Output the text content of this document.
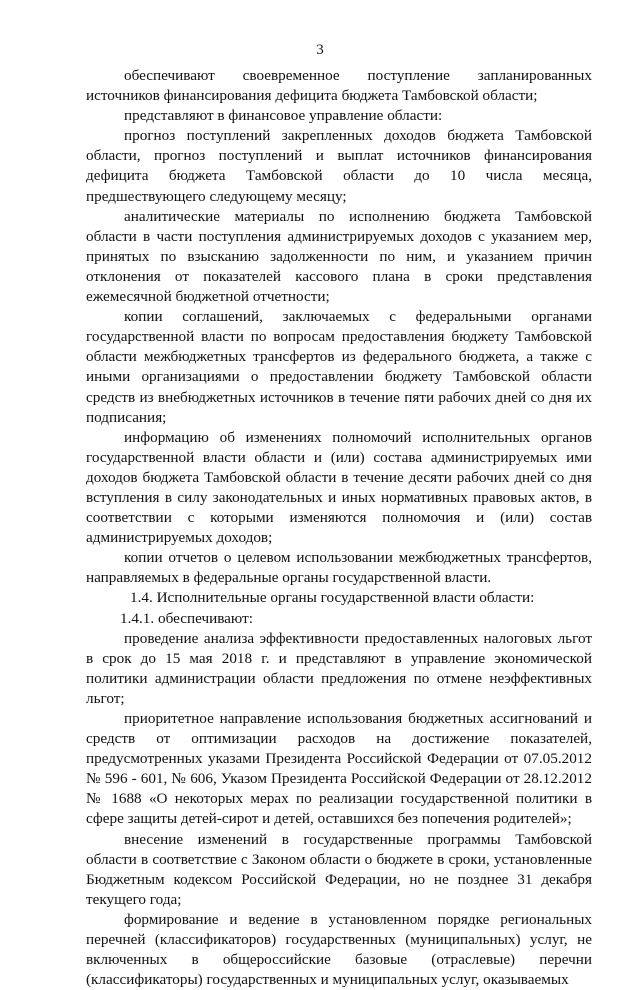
3

обеспечивают своевременное поступление запланированных источников финансирования дефицита бюджета Тамбовской области;

представляют в финансовое управление области:

прогноз поступлений закрепленных доходов бюджета Тамбовской области, прогноз поступлений и выплат источников финансирования дефицита бюджета Тамбовской области до 10 числа месяца, предшествующего следующему месяцу;

аналитические материалы по исполнению бюджета Тамбовской области в части поступления администрируемых доходов с указанием мер, принятых по взысканию задолженности по ним, и указанием причин отклонения от показателей кассового плана в сроки представления ежемесячной бюджетной отчетности;

копии соглашений, заключаемых с федеральными органами государственной власти по вопросам предоставления бюджету Тамбовской области межбюджетных трансфертов из федерального бюджета, а также с иными организациями о предоставлении бюджету Тамбовской области средств из внебюджетных источников в течение пяти рабочих дней со дня их подписания;

информацию об изменениях полномочий исполнительных органов государственной власти области и (или) состава администрируемых ими доходов бюджета Тамбовской области в течение десяти рабочих дней со дня вступления в силу законодательных и иных нормативных правовых актов, в соответствии с которыми изменяются полномочия и (или) состав администрируемых доходов;

копии отчетов о целевом использовании межбюджетных трансфертов, направляемых в федеральные органы государственной власти.

1.4. Исполнительные органы государственной власти области:

1.4.1. обеспечивают:

проведение анализа эффективности предоставленных налоговых льгот в срок до 15 мая 2018 г. и представляют в управление экономической политики администрации области предложения по отмене неэффективных льгот;

приоритетное направление использования бюджетных ассигнований и средств от оптимизации расходов на достижение показателей, предусмотренных указами Президента Российской Федерации от 07.05.2012 № 596 - 601, № 606, Указом Президента Российской Федерации от 28.12.2012 № 1688 «О некоторых мерах по реализации государственной политики в сфере защиты детей-сирот и детей, оставшихся без попечения родителей»;

внесение изменений в государственные программы Тамбовской области в соответствие с Законом области о бюджете в сроки, установленные Бюджетным кодексом Российской Федерации, но не позднее 31 декабря текущего года;

формирование и ведение в установленном порядке региональных перечней (классификаторов) государственных (муниципальных) услуг, не включенных в общероссийские базовые (отраслевые) перечни (классификаторы) государственных и муниципальных услуг, оказываемых
